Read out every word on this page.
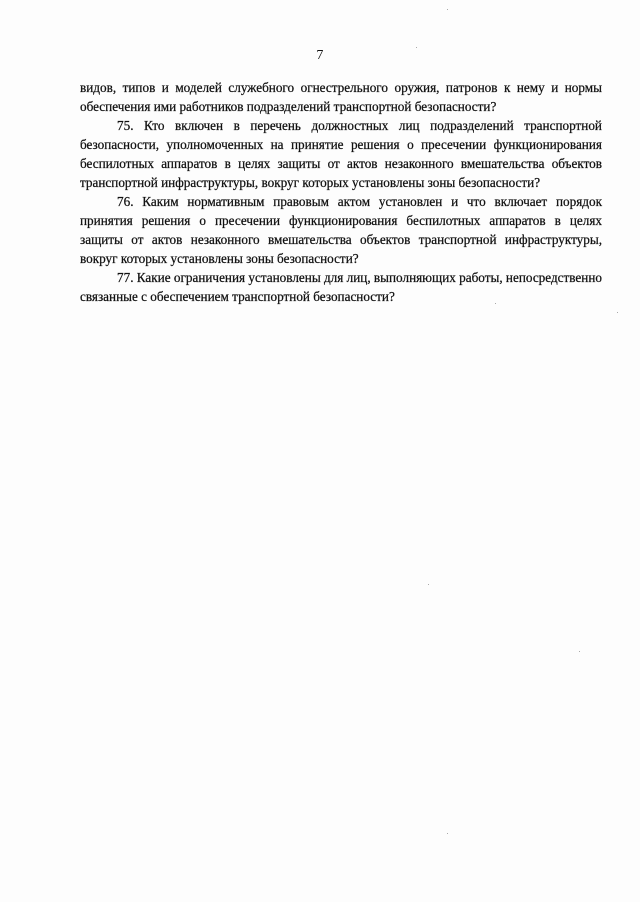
7

видов, типов и моделей служебного огнестрельного оружия, патронов к нему и нормы обеспечения ими работников подразделений транспортной безопасности?

75. Кто включен в перечень должностных лиц подразделений транспортной безопасности, уполномоченных на принятие решения о пресечении функционирования беспилотных аппаратов в целях защиты от актов незаконного вмешательства объектов транспортной инфраструктуры, вокруг которых установлены зоны безопасности?

76. Каким нормативным правовым актом установлен и что включает порядок принятия решения о пресечении функционирования беспилотных аппаратов в целях защиты от актов незаконного вмешательства объектов транспортной инфраструктуры, вокруг которых установлены зоны безопасности?

77. Какие ограничения установлены для лиц, выполняющих работы, непосредственно связанные с обеспечением транспортной безопасности?
